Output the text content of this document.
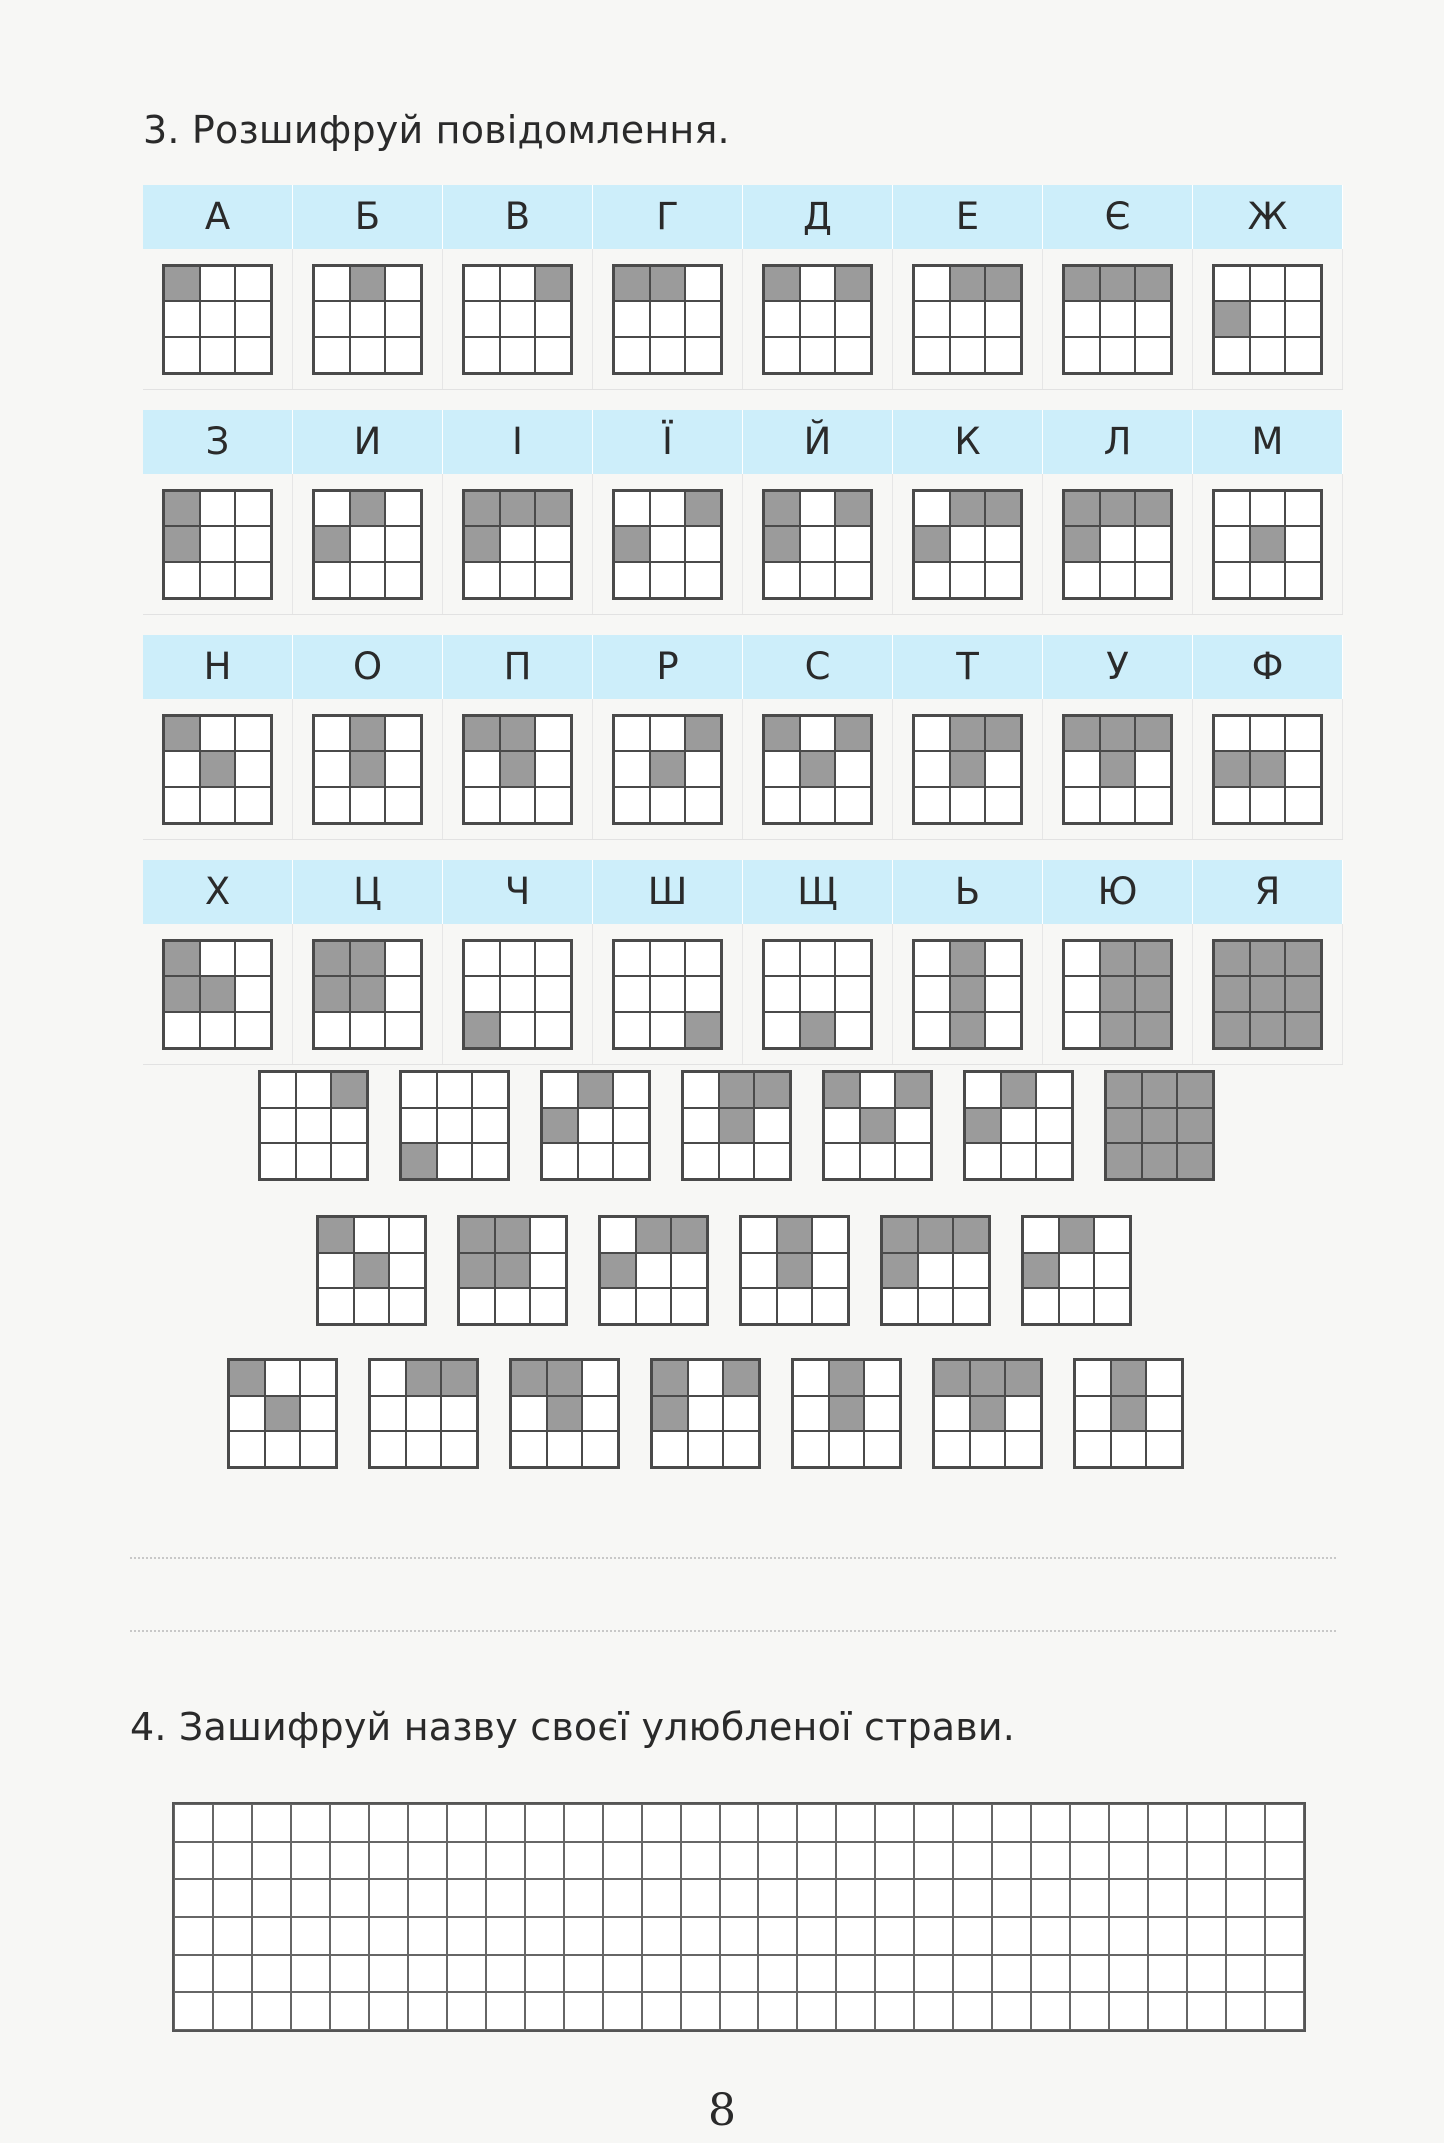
3. Розшифруй повідомлення.
А	Б	В	Г	Д	Е	Є	Ж
З	И	І	Ї	Й	К	Л	М
Н	О	П	Р	С	Т	У	Ф
Х	Ц	Ч	Ш	Щ	Ь	Ю	Я
4. Зашифруй назву своєї улюбленої страви.
8
